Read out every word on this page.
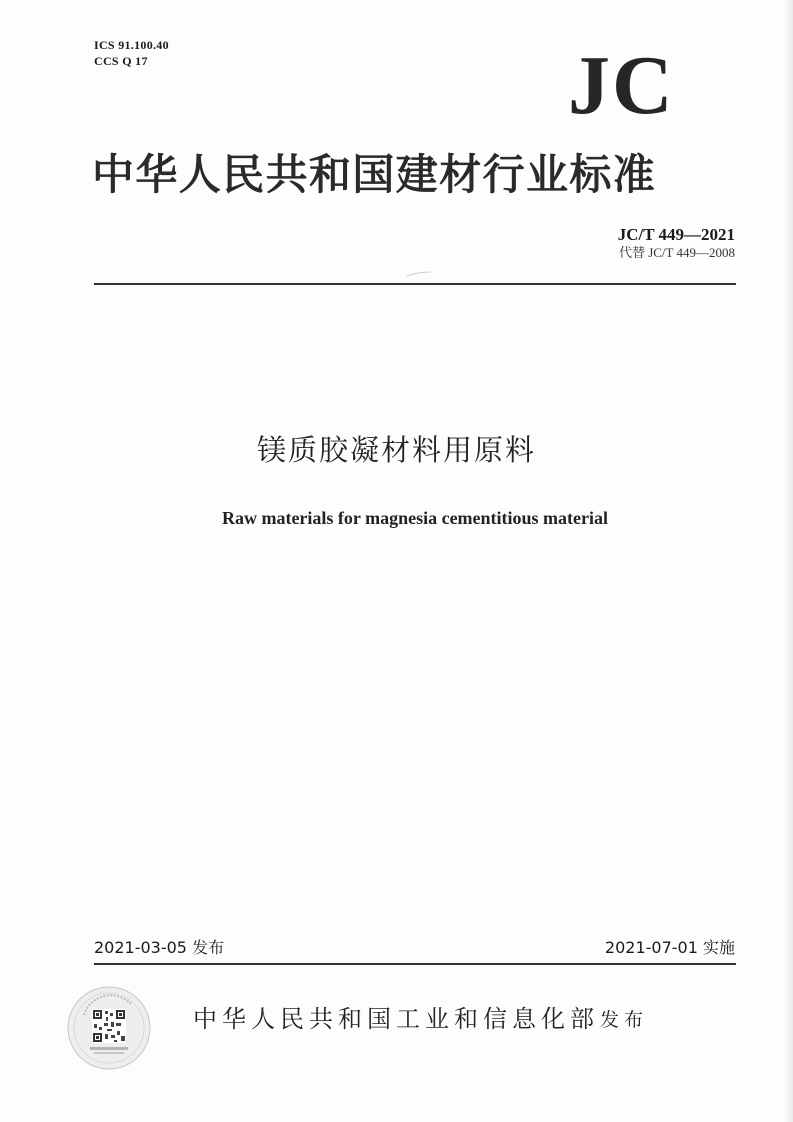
ICS 91.100.40
CCS Q 17	JC
中华人民共和国建材行业标准
JC/T 449—2021
代替 JC/T 449—2008
镁质胶凝材料用原料
Raw materials for magnesia cementitious material
2021-03-05 发布	2021-07-01 实施
中华人民共和国工业和信息化部 发布
